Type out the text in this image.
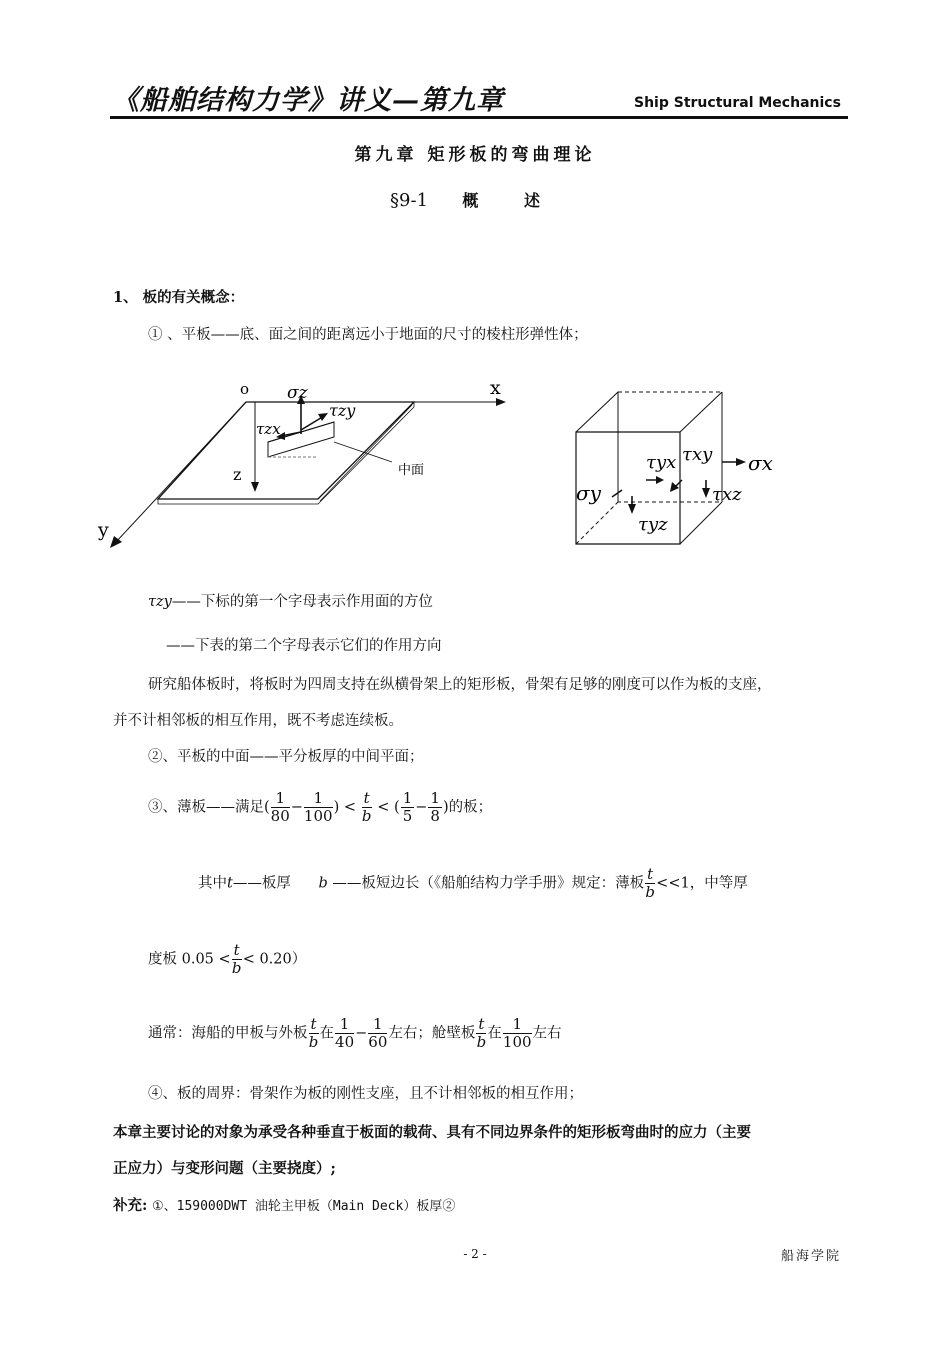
《船舶结构力学》讲义—第九章	Ship Structural Mechanics
第九章 矩形板的弯曲理论
§9-1 概 述
1、 板的有关概念：
① 、平板——底、面之间的距离远小于地面的尺寸的棱柱形弹性体；
o	x
y
z
σz
τzy
τzx
中面	τyx τxy σx
σy	τxz
τyz
τzy——下标的第一个字母表示作用面的方位
——下表的第二个字母表示它们的作用方向
研究船体板时，将板时为四周支持在纵横骨架上的矩形板，骨架有足够的刚度可以作为板的支座，
并不计相邻板的相互作用，既不考虑连续板。
②、平板的中面——平分板厚的中间平面；
③、薄板——满足( $\frac{1}{80} - \frac{1}{100}$ ) < $\frac{t}{b}$ < ( $\frac{1}{5} - \frac{1}{8}$ )的板；
其中t——板厚 b ——板短边长（《船舶结构力学手册》规定：薄板 $\frac{t}{b} <<1$，中等厚
度板 $0.05 < \frac{t}{b} < 0.20$）
通常：海船的甲板与外板 $\frac{t}{b}$ 在 $\frac{1}{40} - \frac{1}{60}$ 左右；舱壁板 $\frac{t}{b}$ 在 $\frac{1}{100}$ 左右
④、板的周界：骨架作为板的刚性支座，且不计相邻板的相互作用；
本章主要讨论的对象为承受各种垂直于板面的载荷、具有不同边界条件的矩形板弯曲时的应力（主要
正应力）与变形问题（主要挠度）;
补充: ①、159000DWT 油轮主甲板（Main Deck）板厚②
- 2 -	船海学院
